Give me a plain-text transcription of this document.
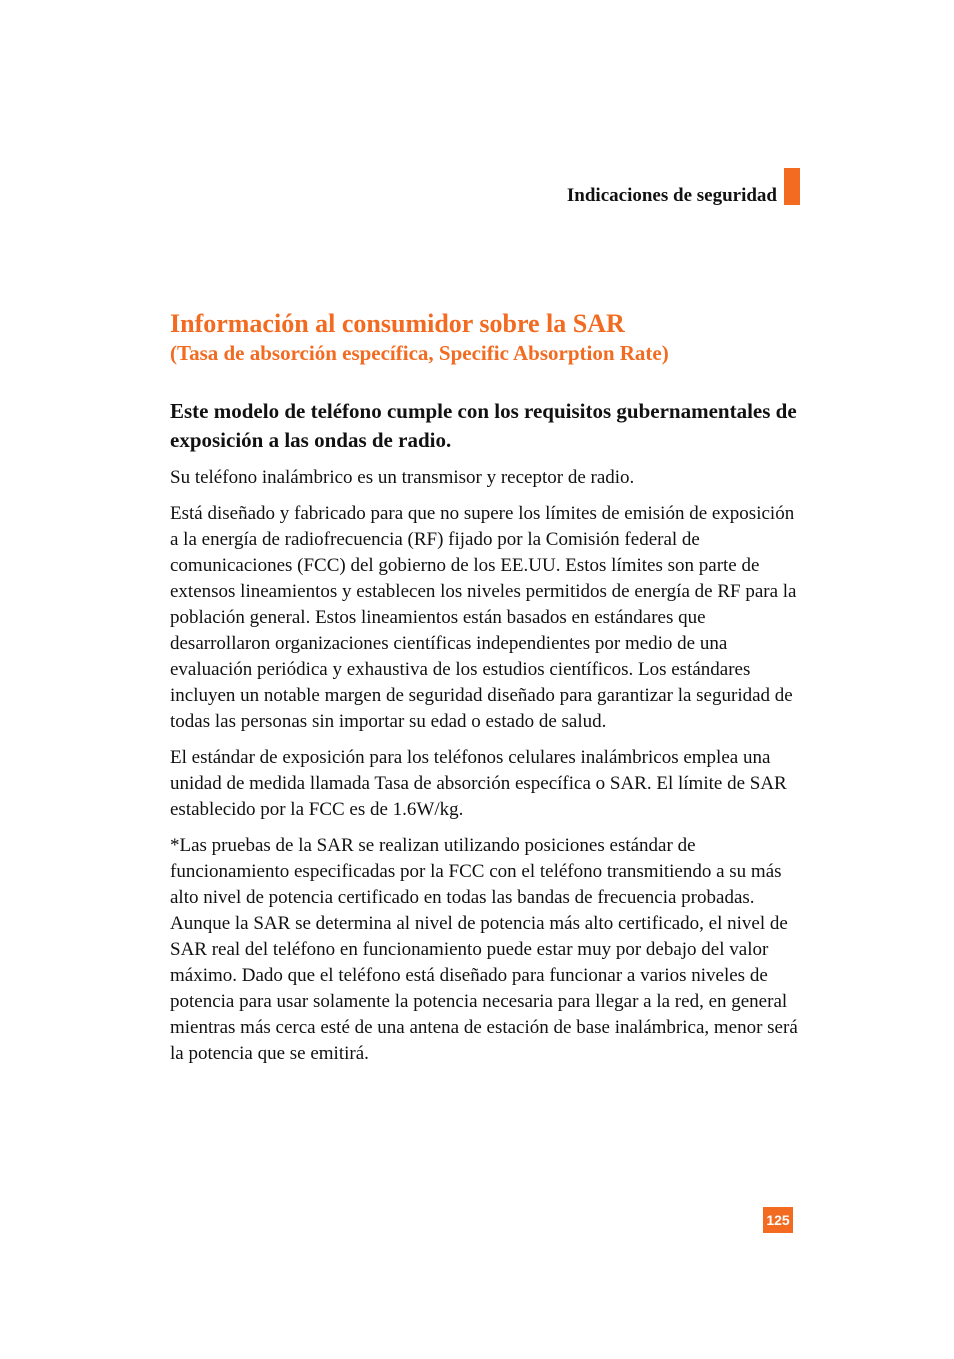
Indicaciones de seguridad
Información al consumidor sobre la SAR
(Tasa de absorción específica, Specific Absorption Rate)

Este modelo de teléfono cumple con los requisitos gubernamentales de exposición a las ondas de radio.

Su teléfono inalámbrico es un transmisor y receptor de radio.

Está diseñado y fabricado para que no supere los límites de emisión de exposición a la energía de radiofrecuencia (RF) fijado por la Comisión federal de comunicaciones (FCC) del gobierno de los EE.UU. Estos límites son parte de extensos lineamientos y establecen los niveles permitidos de energía de RF para la población general. Estos lineamientos están basados en estándares que desarrollaron organizaciones científicas independientes por medio de una evaluación periódica y exhaustiva de los estudios científicos. Los estándares incluyen un notable margen de seguridad diseñado para garantizar la seguridad de todas las personas sin importar su edad o estado de salud.

El estándar de exposición para los teléfonos celulares inalámbricos emplea una unidad de medida llamada Tasa de absorción específica o SAR. El límite de SAR establecido por la FCC es de 1.6W/kg.

*Las pruebas de la SAR se realizan utilizando posiciones estándar de funcionamiento especificadas por la FCC con el teléfono transmitiendo a su más alto nivel de potencia certificado en todas las bandas de frecuencia probadas. Aunque la SAR se determina al nivel de potencia más alto certificado, el nivel de SAR real del teléfono en funcionamiento puede estar muy por debajo del valor máximo. Dado que el teléfono está diseñado para funcionar a varios niveles de potencia para usar solamente la potencia necesaria para llegar a la red, en general mientras más cerca esté de una antena de estación de base inalámbrica, menor será la potencia que se emitirá.

125
